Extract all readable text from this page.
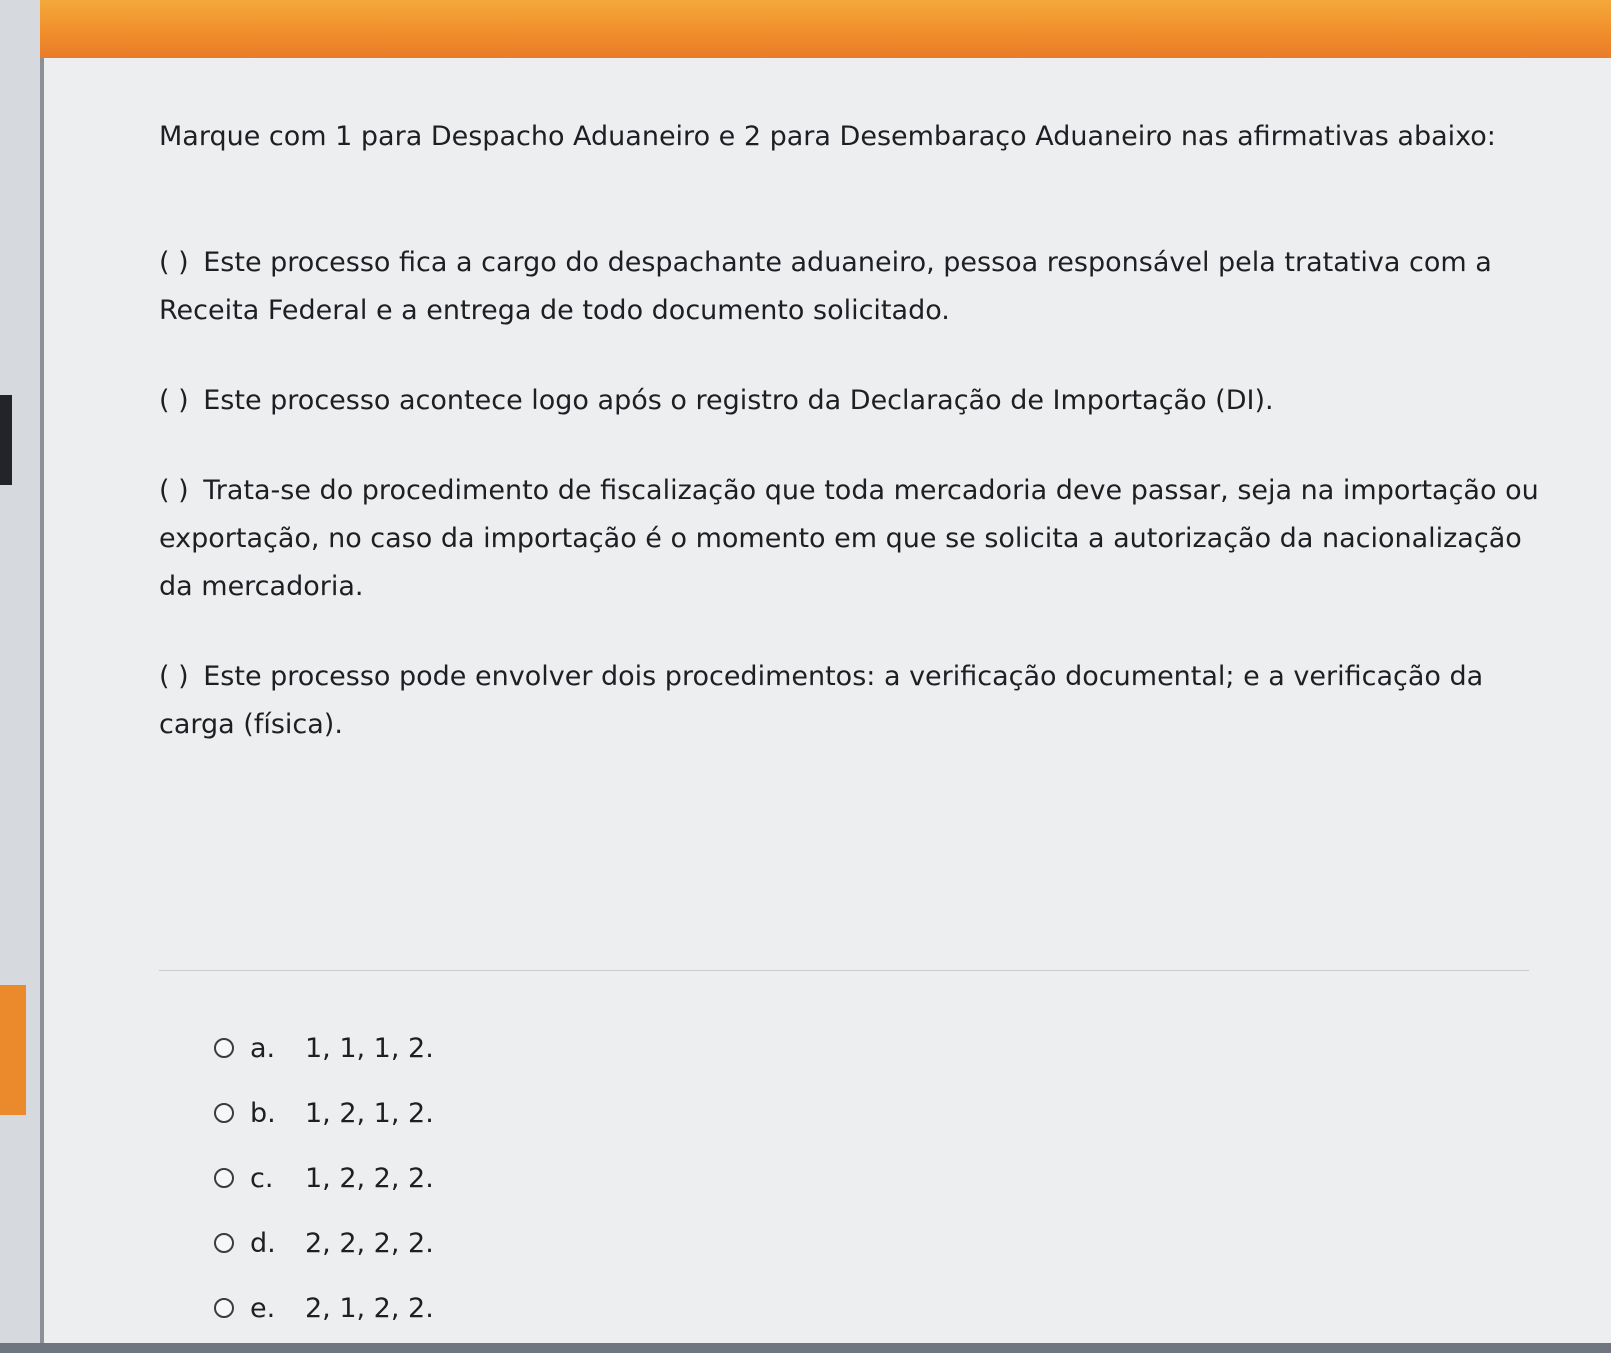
Marque com 1 para Despacho Aduaneiro e 2 para Desembaraço Aduaneiro nas afirmativas abaixo:

( ) Este processo fica a cargo do despachante aduaneiro, pessoa responsável pela tratativa com a Receita Federal e a entrega de todo documento solicitado.

( ) Este processo acontece logo após o registro da Declaração de Importação (DI).

( ) Trata-se do procedimento de fiscalização que toda mercadoria deve passar, seja na importação ou exportação, no caso da importação é o momento em que se solicita a autorização da nacionalização da mercadoria.

( ) Este processo pode envolver dois procedimentos: a verificação documental; e a verificação da carga (física).

a.	1, 1, 1, 2.
b.	1, 2, 1, 2.
c.	1, 2, 2, 2.
d.	2, 2, 2, 2.
e.	2, 1, 2, 2.
